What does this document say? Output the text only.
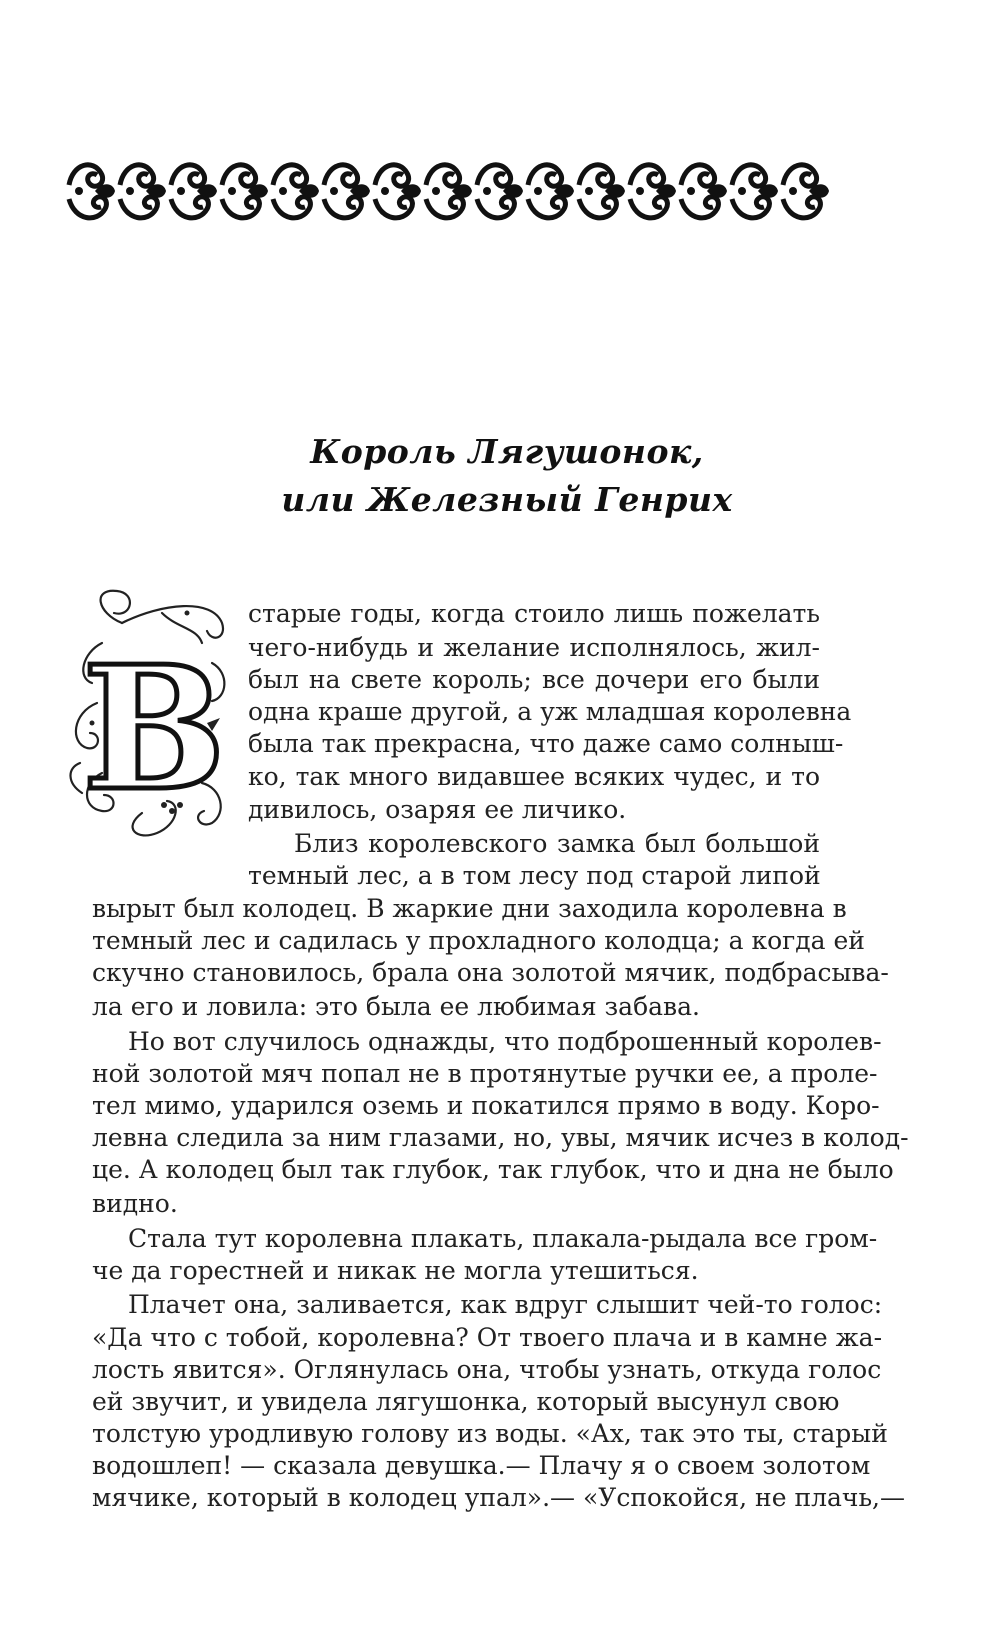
Король Лягушонок,
или Железный Генрих
В
старые годы, когда стоило лишь пожелать
чего-нибудь и желание исполнялось, жил-
был на свете король; все дочери его были
одна краше другой, а уж младшая королевна
была так прекрасна, что даже само солныш-
ко, так много видавшее всяких чудес, и то
дивилось, озаряя ее личико.
Близ королевского замка был большой
темный лес, а в том лесу под старой липой
вырыт был колодец. В жаркие дни заходила королевна в
темный лес и садилась у прохладного колодца; а когда ей
скучно становилось, брала она золотой мячик, подбрасыва-
ла его и ловила: это была ее любимая забава.
Но вот случилось однажды, что подброшенный королев-
ной золотой мяч попал не в протянутые ручки ее, а проле-
тел мимо, ударился оземь и покатился прямо в воду. Коро-
левна следила за ним глазами, но, увы, мячик исчез в колод-
це. А колодец был так глубок, так глубок, что и дна не было
видно.
Стала тут королевна плакать, плакала-рыдала все гром-
че да горестней и никак не могла утешиться.
Плачет она, заливается, как вдруг слышит чей-то голос:
«Да что с тобой, королевна? От твоего плача и в камне жа-
лость явится». Оглянулась она, чтобы узнать, откуда голос
ей звучит, и увидела лягушонка, который высунул свою
толстую уродливую голову из воды. «Ах, так это ты, старый
водошлеп! — сказала девушка.— Плачу я о своем золотом
мячике, который в колодец упал».— «Успокойся, не плачь,—
